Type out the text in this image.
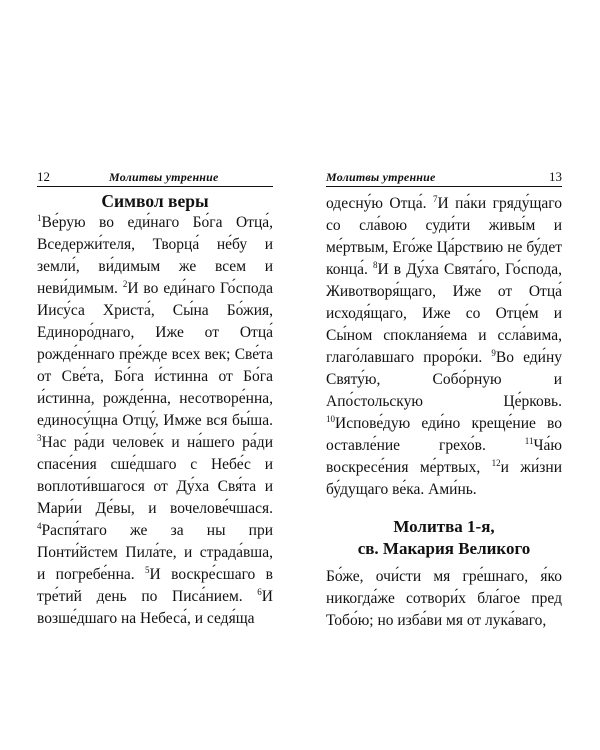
12	Молитвы утренние
Символ веры

$^1$Ве́рую во еди́наго Бо́га Отца́, Вседержи́теля, Творца́ не́бу и земли́, ви́димым же всем и неви́димым. $^2$И во еди́наго Го́спода Иису́са Христа́, Сы́на Бо́жия, Единоро́днаго, Иже от Отца́ рожде́ннаго пре́жде всех век; Све́та от Све́та, Бо́га и́стинна от Бо́га и́стинна, рожде́нна, несотворе́нна, единосу́щна Отцу́, Имже вся бы́ша. $^3$Нас ра́ди челове́к и на́шего ра́ди спасе́ния сше́дшаго с Небе́с и воплоти́вшагося от Ду́ха Свя́та и Мари́и Де́вы, и вочелове́чшася. $^4$Распя́таго же за ны при Понти́йстем Пила́те, и страда́вша, и погребе́нна. $^5$И воскре́сшаго в тре́тий день по Писа́нием. $^6$И возше́дшаго на Небеса́, и седя́ща

Молитвы утренние	13

одесну́ю Отца́. $^7$И па́ки гряду́щаго со сла́вою суди́ти живы́м и ме́ртвым, Его́же Ца́рствию не бу́дет конца́. $^8$И в Ду́ха Свята́го, Го́спода, Животворя́щаго, Иже от Отца́ исходя́щаго, Иже со Отце́м и Сы́ном спокланя́ема и ссла́вима, глаго́лавшаго проро́ки. $^9$Во еди́ну Святу́ю, Собо́рную и Апо́стольскую Це́рковь. $^{10}$Испове́дую еди́но креще́ние во оставле́ние грехо́в. $^{11}$Ча́ю воскресе́ния ме́ртвых, $^{12}$и жи́зни бу́дущаго ве́ка. Ами́нь.

Молитва 1-я,
св. Макария Великого

Бо́же, очи́сти мя гре́шнаго, я́ко никогда́же сотвори́х бла́гое пред Тобо́ю; но изба́ви мя от лука́ваго,
